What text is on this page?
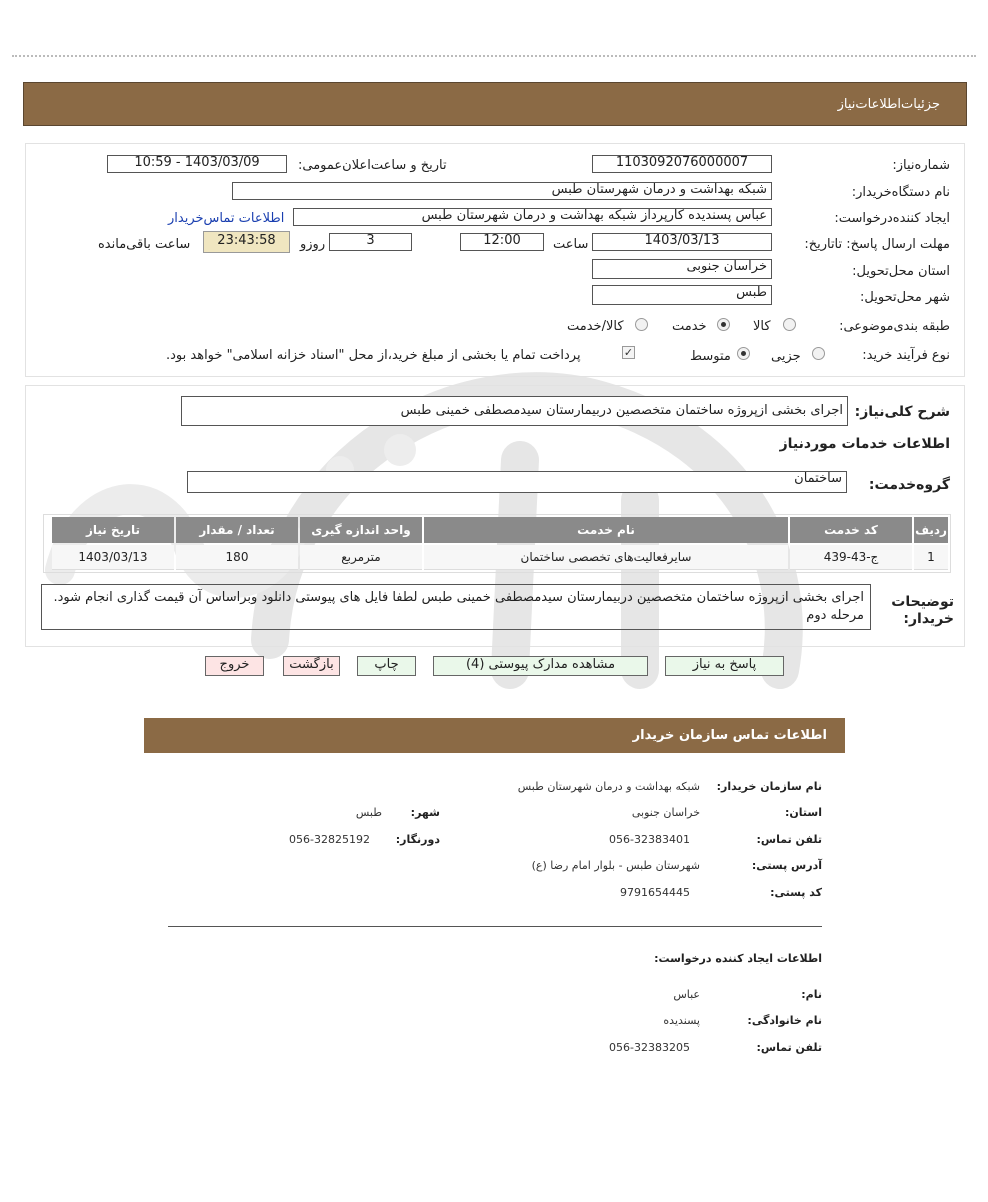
جزئیات‌اطلاعات‌نیاز
شماره‌نیاز:
1103092076000007
تاریخ و ساعت‌اعلان‌عمومی:
1403/03/09 - 10:59
نام دستگاه‌خریدار:
شبکه بهداشت و درمان شهرستان طبس
ایجاد کننده‌درخواست:
عباس پسندیده کارپرداز شبکه بهداشت و درمان شهرستان طبس
اطلاعات تماس‌خریدار
مهلت ارسال پاسخ: تاتاریخ:
1403/03/13
ساعت
12:00
3
روزو
23:43:58
ساعت باقی‌مانده
استان محل‌تحویل:
خراسان جنوبی
شهر محل‌تحویل:
طبس
طبقه بندی‌موضوعی:
کالا
خدمت
کالا/خدمت
نوع فرآیند خرید:
جزیی
متوسط
✓
پرداخت تمام یا بخشی از مبلغ خرید،از محل "اسناد خزانه اسلامی" خواهد بود.
شرح کلی‌نیاز:
اجرای بخشی ازپروژه ساختمان متخصصین دربیمارستان سیدمصطفی خمینی طبس
اطلاعات خدمات موردنیاز
گروه‌خدمت:
ساختمان
ردیف	کد خدمت	نام خدمت	واحد اندازه گیری	تعداد / مقدار	تاریخ نیاز
1	ج-43-439	سایرفعالیت‌های تخصصی ساختمان	مترمربع	180	1403/03/13
توضیحات خریدار:
اجرای بخشی ازپروژه ساختمان متخصصین دربیمارستان سیدمصطفی خمینی طبس لطفا فایل های پیوستی دانلود وبراساس آن قیمت گذاری انجام شود. مرحله دوم
پاسخ به نیاز
مشاهده مدارک پیوستی (4)
چاپ
بازگشت
خروج
اطلاعات تماس سازمان خریدار
نام سازمان خریدار:
شبکه بهداشت و درمان شهرستان طبس
استان:
خراسان جنوبی
شهر:
طبس
تلفن تماس:
056-32383401
دورنگار:
056-32825192
آدرس پستی:
شهرستان طبس - بلوار امام رضا (ع)
کد پستی:
9791654445
اطلاعات ایجاد کننده درخواست:
نام:
عباس
نام خانوادگی:
پسندیده
تلفن تماس:
056-32383205
